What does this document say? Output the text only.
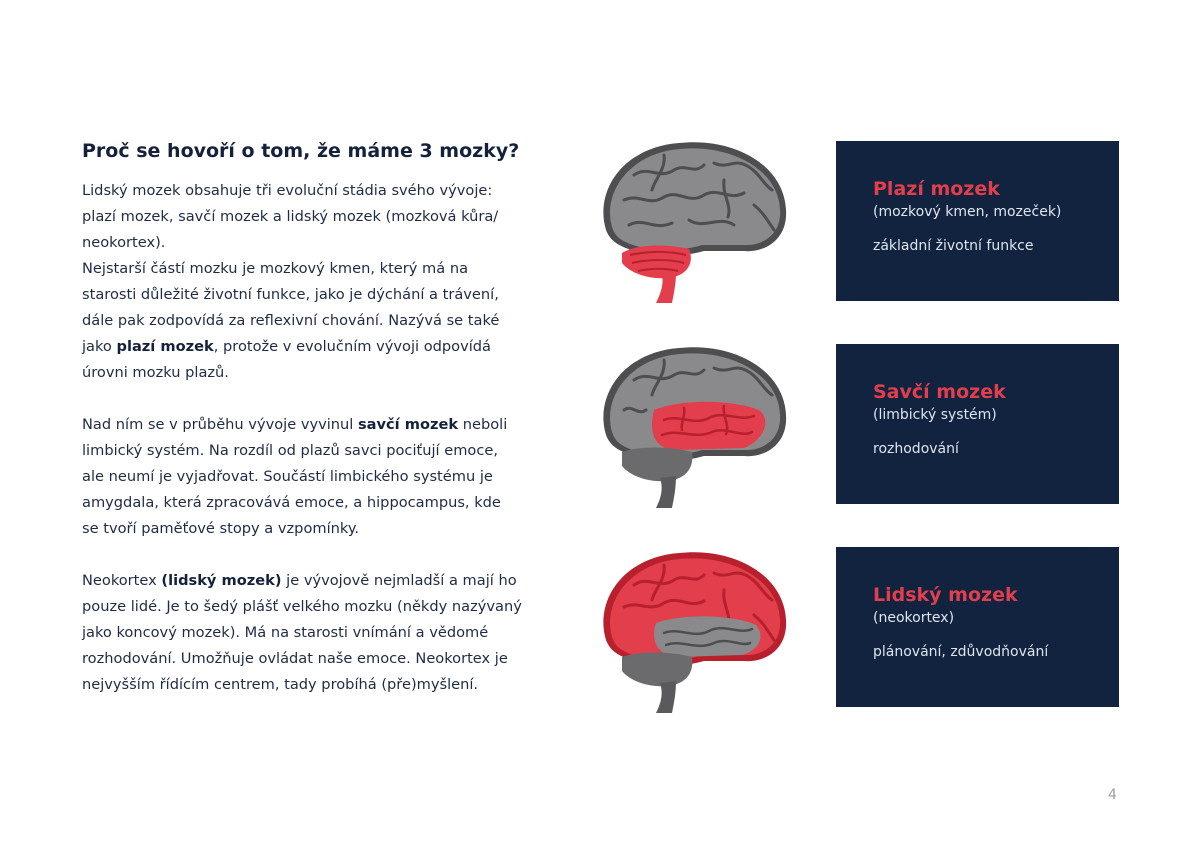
Proč se hovoří o tom, že máme 3 mozky?

Lidský mozek obsahuje tři evoluční stádia svého vývoje: plazí mozek, savčí mozek a lidský mozek (mozková kůra/ neokortex).
Nejstarší částí mozku je mozkový kmen, který má na starosti důležité životní funkce, jako je dýchání a trávení, dále pak zodpovídá za reflexivní chování. Nazývá se také jako plazí mozek, protože v evolučním vývoji odpovídá úrovni mozku plazů.

Nad ním se v průběhu vývoje vyvinul savčí mozek neboli limbický systém. Na rozdíl od plazů savci pociťují emoce, ale neumí je vyjadřovat. Součástí limbického systému je amygdala, která zpracovává emoce, a hippocampus, kde se tvoří paměťové stopy a vzpomínky.

Neokortex (lidský mozek) je vývojově nejmladší a mají ho pouze lidé. Je to šedý plášť velkého mozku (někdy nazývaný jako koncový mozek). Má na starosti vnímání a vědomé rozhodování. Umožňuje ovládat naše emoce. Neokortex je nejvyšším řídícím centrem, tady probíhá (pře)myšlení.

Plazí mozek
(mozkový kmen, mozeček)
základní životní funkce
Savčí mozek
(limbický systém)
rozhodování
Lidský mozek
(neokortex)
plánování, zdůvodňování
4
